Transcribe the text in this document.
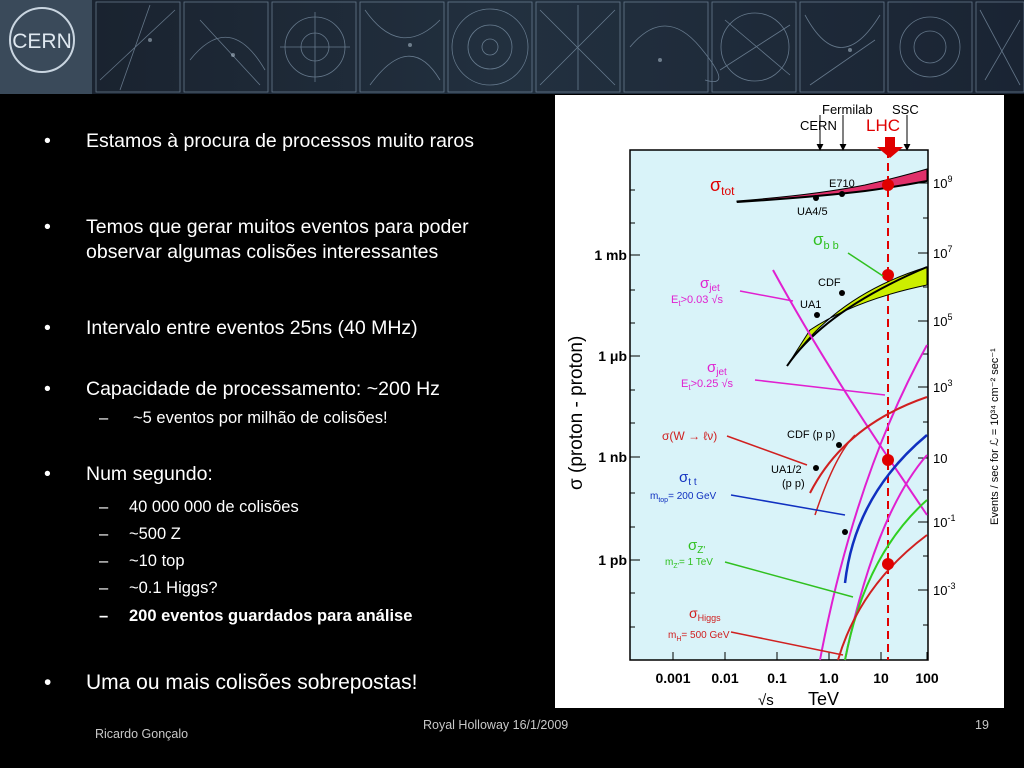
CERN
• Estamos à procura de processos muito raros
• Temos que gerar muitos eventos para poder observar algumas colisões interessantes
• Intervalo entre eventos 25ns (40 MHz)
• Capacidade de processamento: ~200 Hz
– ~5 eventos por milhão de colisões!
• Num segundo:
– 40 000 000 de colisões
– ~500 Z
– ~10 top
– ~0.1 Higgs?
– 200 eventos guardados para análise
• Uma ou mais colisões sobrepostas!
CERN
Fermilab SSC
LHC
1 mb
1 μb
1 nb
1 pb
$10^9$
$10^7$
$10^5$
$10^3$
10
$10^{-1}$
$10^{-3}$
0.001 0.01 0.1 1.0 10 100
√s TeV
σ (proton - proton)	Events / sec for ℒ = 10³⁴ cm⁻² sec⁻¹
E710
UA4/5
CDF
UA1
CDF (p p)
UA1/2
(p p)
$\sigma_{tot}$
$\sigma_{b b}$
$\sigma_{jet}$
$E_t>0.03$ √s
$\sigma_{jet}$
$E_t>0.25$ √s
σ(W → ℓν)
$\sigma_{t t}$
$m_{top}= 200$ GeV
$\sigma_{Z'}$
$m_{Z'}= 1$ TeV
$\sigma_{Higgs}$
$m_H= 500$ GeV
Ricardo Gonçalo
Royal Holloway 16/1/2009	19
